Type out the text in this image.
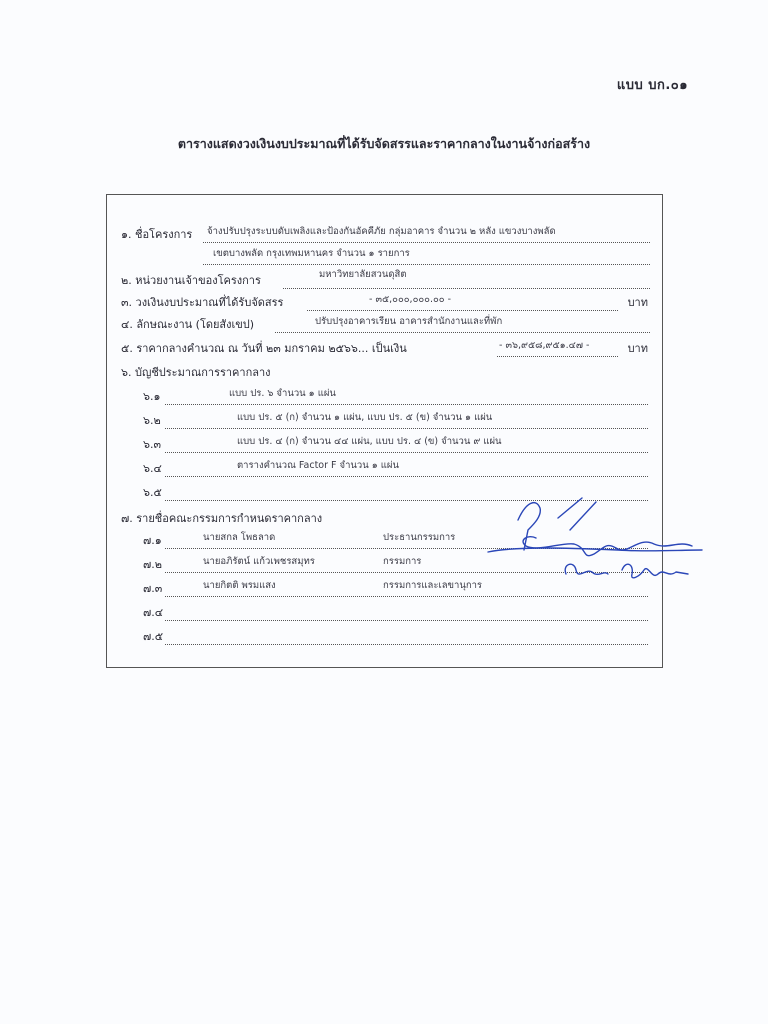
แบบ บก.๐๑
ตารางแสดงวงเงินงบประมาณที่ได้รับจัดสรรและราคากลางในงานจ้างก่อสร้าง
๑. ชื่อโครงการ จ้างปรับปรุงระบบดับเพลิงและป้องกันอัคคีภัย กลุ่มอาคาร จำนวน ๒ หลัง แขวงบางพลัด
เขตบางพลัด กรุงเทพมหานคร จำนวน ๑ รายการ
๒. หน่วยงานเจ้าของโครงการ	มหาวิทยาลัยสวนดุสิต
๓. วงเงินงบประมาณที่ได้รับจัดสรร	- ๓๕,๐๐๐,๐๐๐.๐๐ -	บาท
๔. ลักษณะงาน (โดยสังเขป)	ปรับปรุงอาคารเรียน อาคารสำนักงานและที่พัก
๕. ราคากลางคำนวณ ณ วันที่ ๒๓ มกราคม ๒๕๖๖... เป็นเงิน	- ๓๖,๙๕๘,๙๕๑.๔๗ -	บาท
๖. บัญชีประมาณการราคากลาง
๖.๑	แบบ ปร. ๖ จำนวน ๑ แผ่น
๖.๒	แบบ ปร. ๕ (ก) จำนวน ๑ แผ่น, แบบ ปร. ๕ (ข) จำนวน ๑ แผ่น
๖.๓	แบบ ปร. ๔ (ก) จำนวน ๔๔ แผ่น, แบบ ปร. ๔ (ข) จำนวน ๙ แผ่น
๖.๔	ตารางคำนวณ Factor F จำนวน ๑ แผ่น
๖.๕
๗. รายชื่อคณะกรรมการกำหนดราคากลาง
๗.๑	นายสกล โพธลาด	ประธานกรรมการ
๗.๒	นายอภิรัตน์ แก้วเพชรสมุทร	กรรมการ
๗.๓	นายกิตติ พรมแสง	กรรมการและเลขานุการ
๗.๔
๗.๕
